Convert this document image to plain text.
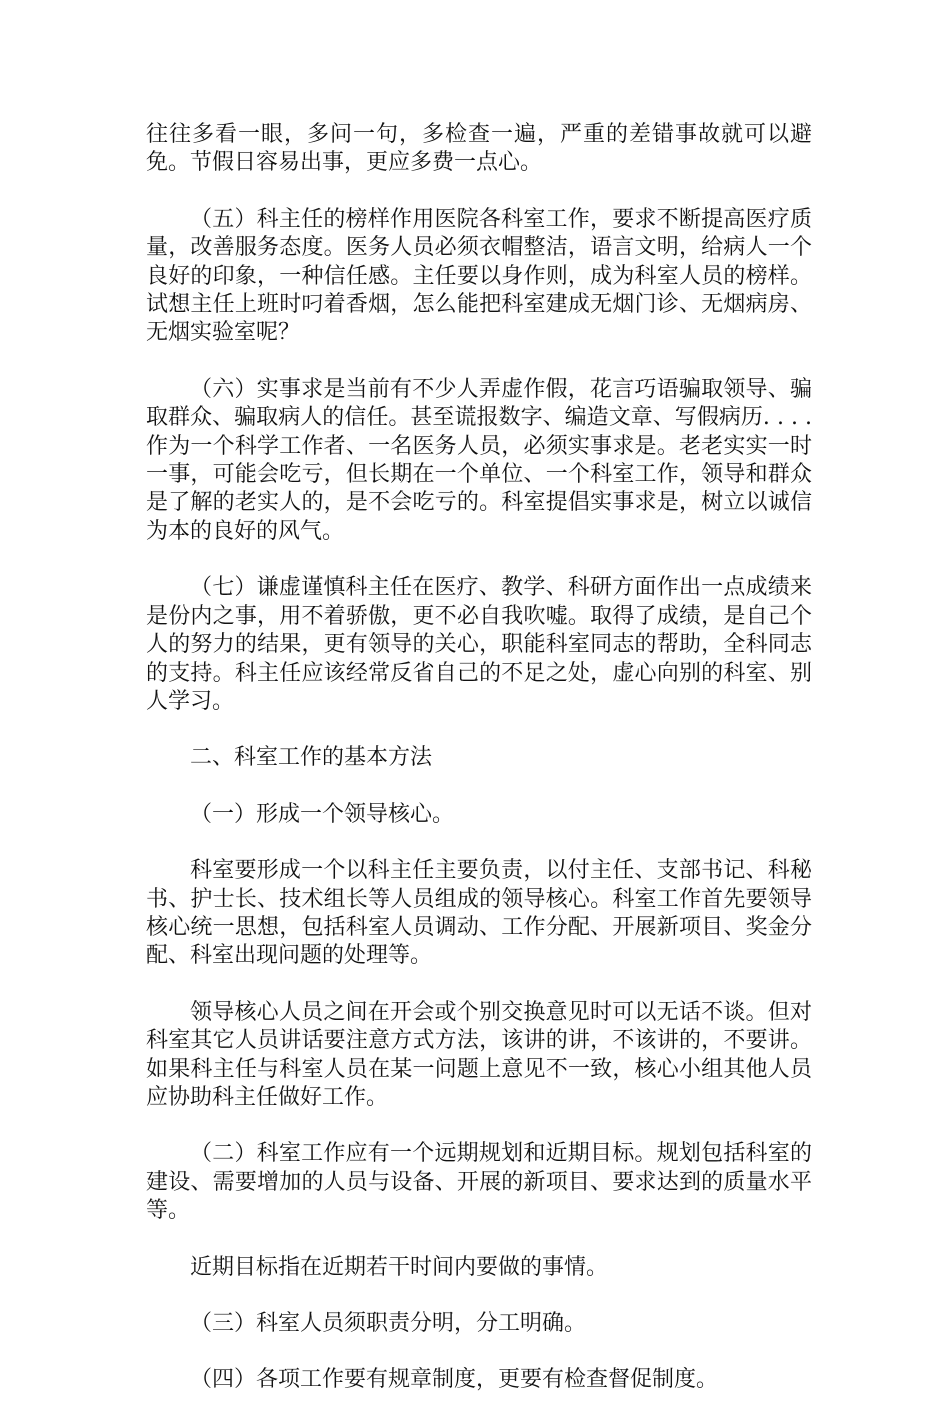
往往多看一眼，多问一句，多检查一遍，严重的差错事故就可以避免。节假日容易出事，更应多费一点心。

（五）科主任的榜样作用医院各科室工作，要求不断提高医疗质量，改善服务态度。医务人员必须衣帽整洁，语言文明，给病人一个良好的印象，一种信任感。主任要以身作则，成为科室人员的榜样。试想主任上班时叼着香烟，怎么能把科室建成无烟门诊、无烟病房、无烟实验室呢？

（六）实事求是当前有不少人弄虚作假，花言巧语骗取领导、骗取群众、骗取病人的信任。甚至谎报数字、编造文章、写假病历. . . . 作为一个科学工作者、一名医务人员，必须实事求是。老老实实一时一事，可能会吃亏，但长期在一个单位、一个科室工作，领导和群众是了解的老实人的，是不会吃亏的。科室提倡实事求是，树立以诚信为本的良好的风气。

（七）谦虚谨慎科主任在医疗、教学、科研方面作出一点成绩来是份内之事，用不着骄傲，更不必自我吹嘘。取得了成绩，是自己个人的努力的结果，更有领导的关心，职能科室同志的帮助，全科同志的支持。科主任应该经常反省自己的不足之处，虚心向别的科室、别人学习。

二、科室工作的基本方法

（一）形成一个领导核心。

科室要形成一个以科主任主要负责，以付主任、支部书记、科秘书、护士长、技术组长等人员组成的领导核心。科室工作首先要领导核心统一思想，包括科室人员调动、工作分配、开展新项目、奖金分配、科室出现问题的处理等。

领导核心人员之间在开会或个别交换意见时可以无话不谈。但对科室其它人员讲话要注意方式方法，该讲的讲，不该讲的，不要讲。如果科主任与科室人员在某一问题上意见不一致，核心小组其他人员应协助科主任做好工作。

（二）科室工作应有一个远期规划和近期目标。规划包括科室的建设、需要增加的人员与设备、开展的新项目、要求达到的质量水平等。

近期目标指在近期若干时间内要做的事情。

（三）科室人员须职责分明，分工明确。

（四）各项工作要有规章制度，更要有检查督促制度。
